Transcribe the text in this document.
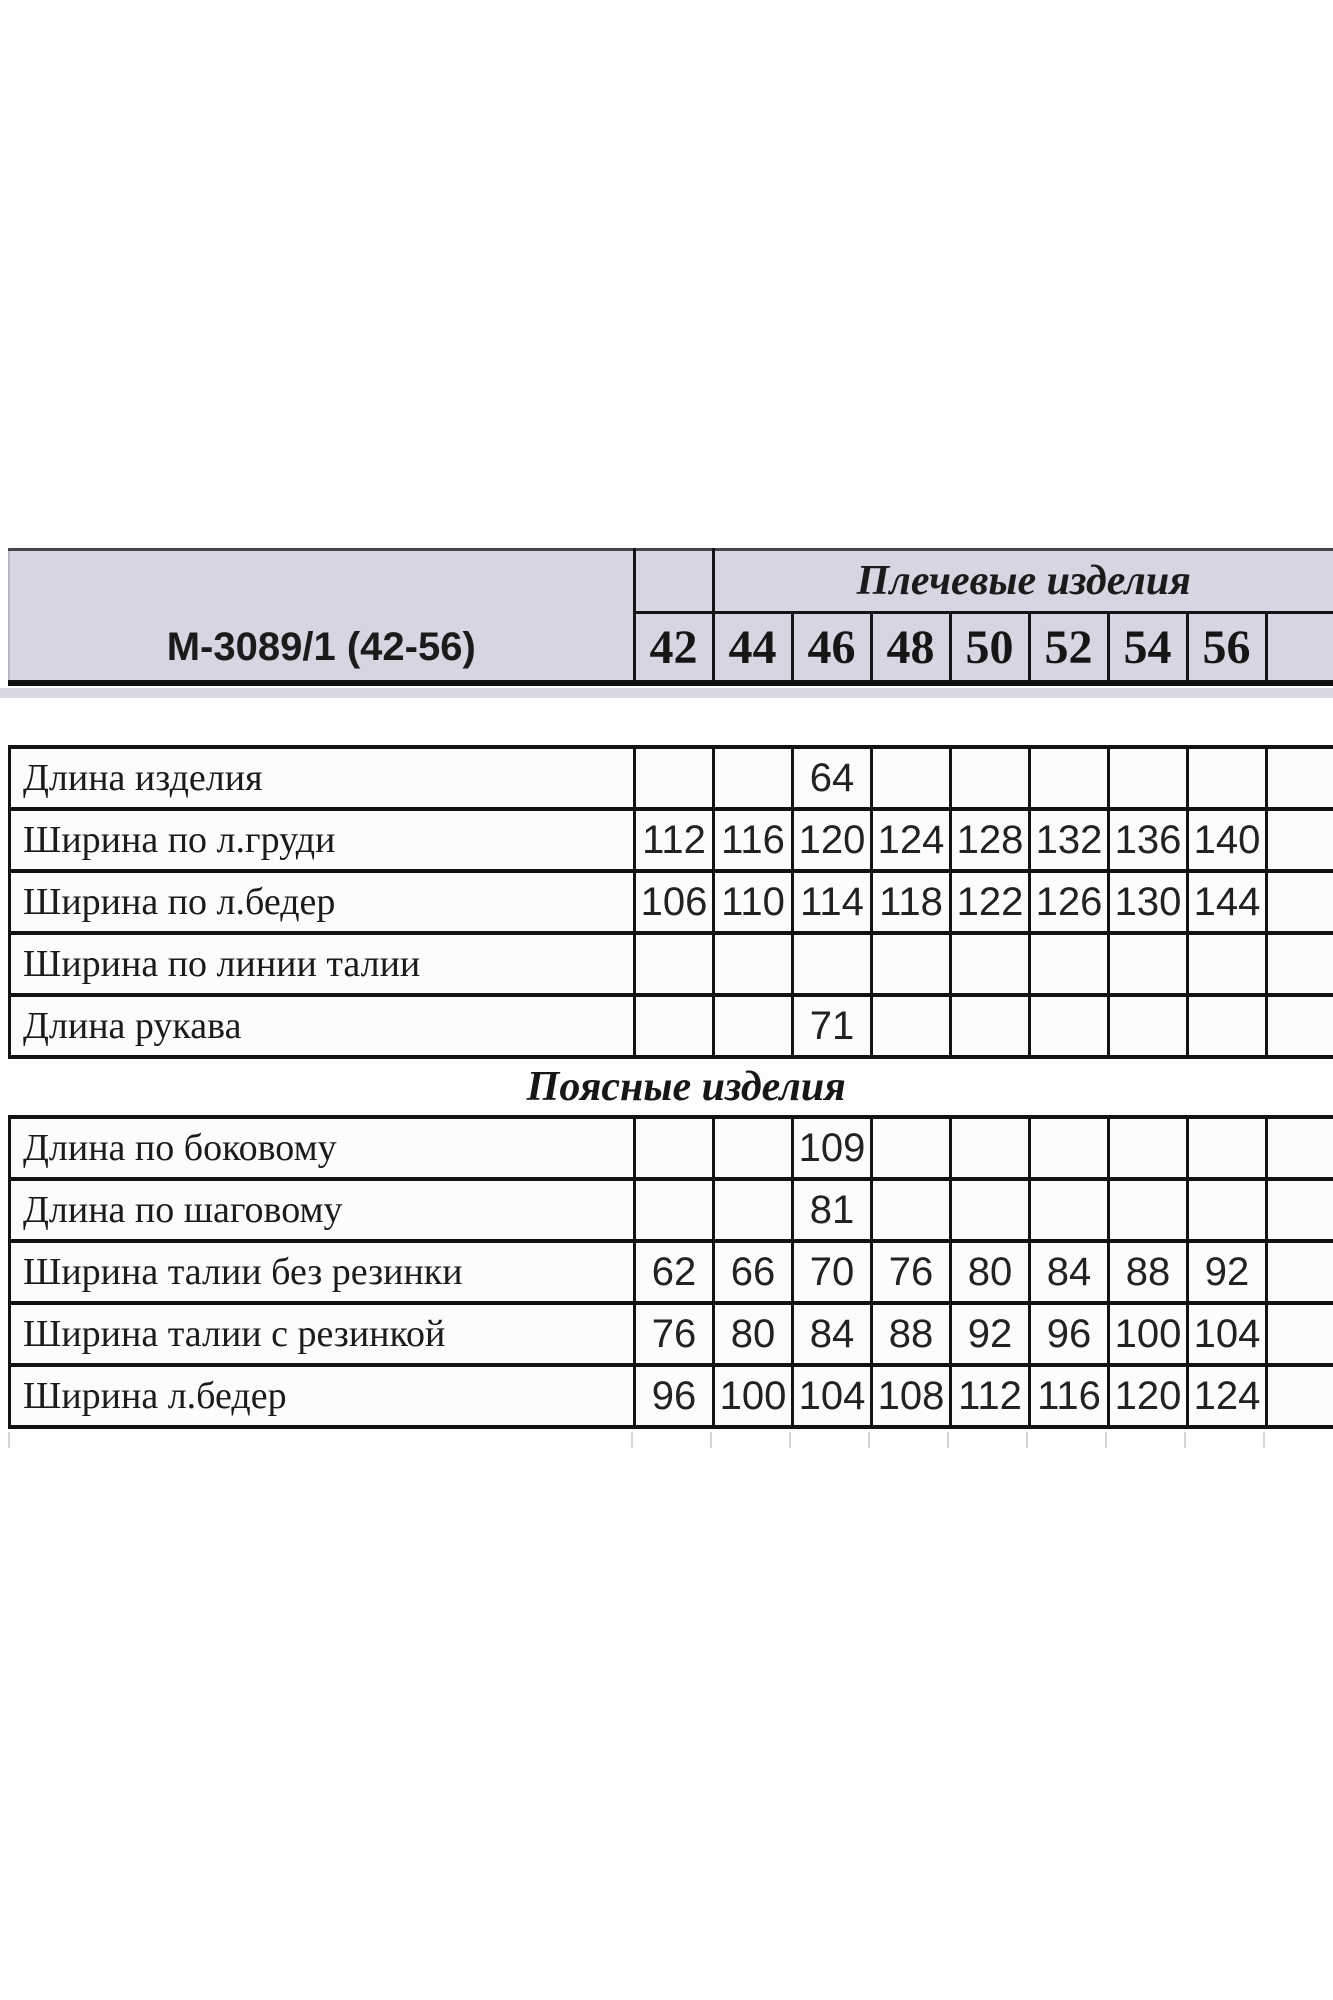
М-3089/1 (42-56)		Плечевые изделия							
	42	44	46	48	50	52	54	56	
Длина изделия			64						
Ширина по л.груди	112	116	120	124	128	132	136	140	
Ширина по л.бедер	106	110	114	118	122	126	130	144	
Ширина по линии талии									
Длина рукава			71						
Поясные изделия									
Длина по боковому			109						
Длина по шаговому			81						
Ширина талии без резинки	62	66	70	76	80	84	88	92	
Ширина талии с резинкой	76	80	84	88	92	96	100	104	
Ширина л.бедер	96	100	104	108	112	116	120	124	
